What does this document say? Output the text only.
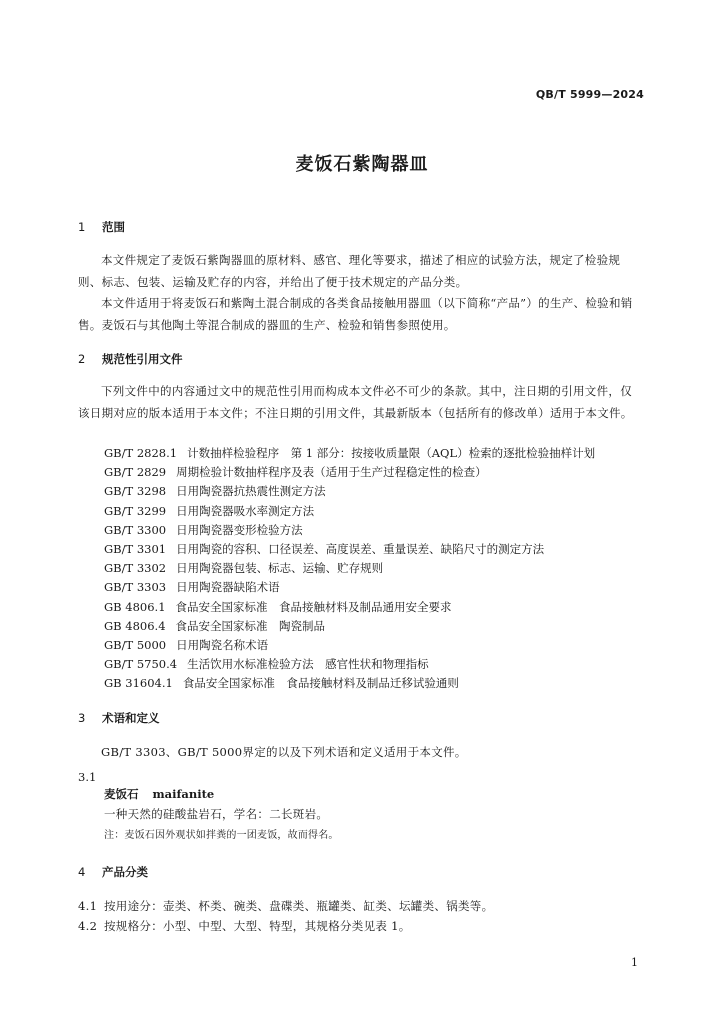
QB/T 5999—2024
麦饭石紫陶器皿
1 范围
本文件规定了麦饭石紫陶器皿的原材料、感官、理化等要求，描述了相应的试验方法，规定了检验规则、标志、包装、运输及贮存的内容，并给出了便于技术规定的产品分类。
本文件适用于将麦饭石和紫陶土混合制成的各类食品接触用器皿（以下简称“产品”）的生产、检验和销售。麦饭石与其他陶土等混合制成的器皿的生产、检验和销售参照使用。
2 规范性引用文件
下列文件中的内容通过文中的规范性引用而构成本文件必不可少的条款。其中，注日期的引用文件，仅该日期对应的版本适用于本文件；不注日期的引用文件，其最新版本（包括所有的修改单）适用于本文件。
GB/T 2828.1 计数抽样检验程序　第 1 部分：按接收质量限（AQL）检索的逐批检验抽样计划
GB/T 2829 周期检验计数抽样程序及表（适用于生产过程稳定性的检查）
GB/T 3298 日用陶瓷器抗热震性测定方法
GB/T 3299 日用陶瓷器吸水率测定方法
GB/T 3300 日用陶瓷器变形检验方法
GB/T 3301 日用陶瓷的容积、口径误差、高度误差、重量误差、缺陷尺寸的测定方法
GB/T 3302 日用陶瓷器包装、标志、运输、贮存规则
GB/T 3303 日用陶瓷器缺陷术语
GB 4806.1 食品安全国家标准　食品接触材料及制品通用安全要求
GB 4806.4 食品安全国家标准　陶瓷制品
GB/T 5000 日用陶瓷名称术语
GB/T 5750.4 生活饮用水标准检验方法　感官性状和物理指标
GB 31604.1 食品安全国家标准　食品接触材料及制品迁移试验通则
3 术语和定义
GB/T 3303、GB/T 5000界定的以及下列术语和定义适用于本文件。
3.1
麦饭石 maifanite
一种天然的硅酸盐岩石，学名：二长斑岩。
注：麦饭石因外观状如拌粪的一团麦饭，故而得名。
4 产品分类
4.1 按用途分：壶类、杯类、碗类、盘碟类、瓶罐类、缸类、坛罐类、锅类等。
4.2 按规格分：小型、中型、大型、特型，其规格分类见表 1。
1
